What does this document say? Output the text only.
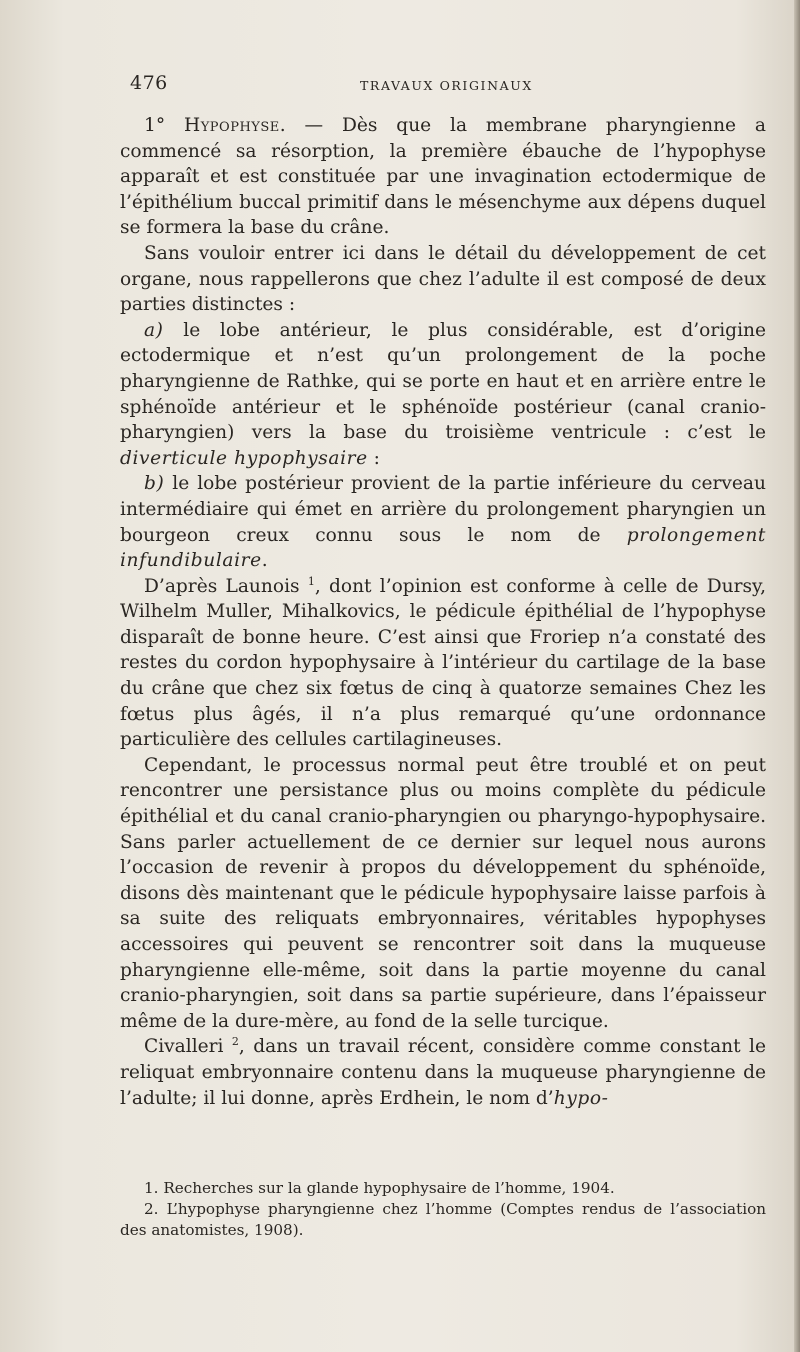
476	TRAVAUX ORIGINAUX

1° Hypophyse. — Dès que la membrane pharyngienne a commencé sa résorption, la première ébauche de l’hypophyse apparaît et est constituée par une invagination ectodermique de l’épithélium buccal primitif dans le mésenchyme aux dépens duquel se formera la base du crâne.

Sans vouloir entrer ici dans le détail du développement de cet organe, nous rappellerons que chez l’adulte il est composé de deux parties distinctes :

a) le lobe antérieur, le plus considérable, est d’origine ectodermique et n’est qu’un prolongement de la poche pharyngienne de Rathke, qui se porte en haut et en arrière entre le sphénoïde antérieur et le sphénoïde postérieur (canal cranio-pharyngien) vers la base du troisième ventricule : c’est le diverticule hypophysaire :

b) le lobe postérieur provient de la partie inférieure du cerveau intermédiaire qui émet en arrière du prolongement pharyngien un bourgeon creux connu sous le nom de prolongement infundibulaire.

D’après Launois $^1$, dont l’opinion est conforme à celle de Dursy, Wilhelm Muller, Mihalkovics, le pédicule épithélial de l’hypophyse disparaît de bonne heure. C’est ainsi que Froriep n’a constaté des restes du cordon hypophysaire à l’intérieur du cartilage de la base du crâne que chez six fœtus de cinq à quatorze semaines Chez les fœtus plus âgés, il n’a plus remarqué qu’une ordonnance particulière des cellules cartilagineuses.

Cependant, le processus normal peut être troublé et on peut rencontrer une persistance plus ou moins complète du pédicule épithélial et du canal cranio-pharyngien ou pharyngo-hypophysaire. Sans parler actuellement de ce dernier sur lequel nous aurons l’occasion de revenir à propos du développement du sphénoïde, disons dès maintenant que le pédicule hypophysaire laisse parfois à sa suite des reliquats embryonnaires, véritables hypophyses accessoires qui peuvent se rencontrer soit dans la muqueuse pharyngienne elle-même, soit dans la partie moyenne du canal cranio-pharyngien, soit dans sa partie supérieure, dans l’épaisseur même de la dure-mère, au fond de la selle turcique.

Civalleri $^2$, dans un travail récent, considère comme constant le reliquat embryonnaire contenu dans la muqueuse pharyngienne de l’adulte; il lui donne, après Erdhein, le nom d’hypo-

1. Recherches sur la glande hypophysaire de l’homme, 1904.

2. L’hypophyse pharyngienne chez l’homme (Comptes rendus de l’association des anatomistes, 1908).
